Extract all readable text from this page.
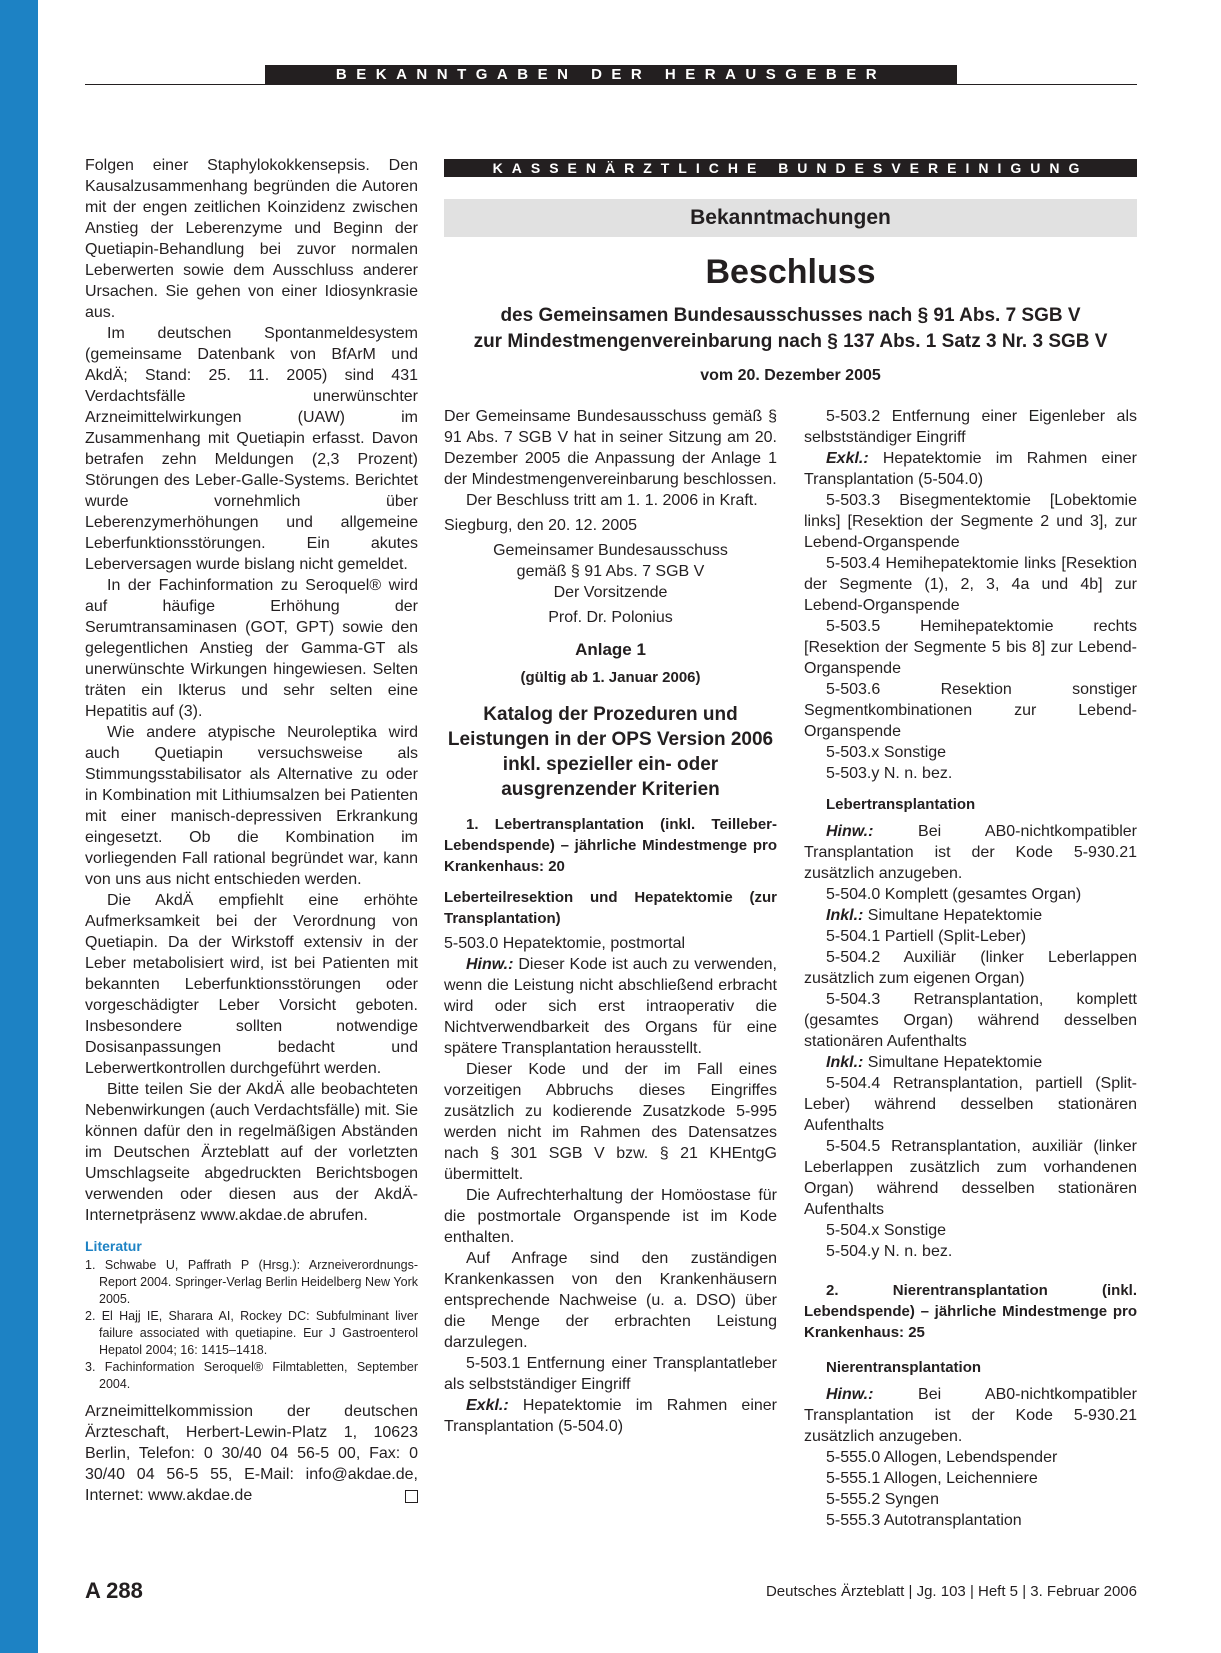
BEKANNTGABEN DER HERAUSGEBER

Folgen einer Staphylokokkensepsis. Den Kausalzusammenhang begründen die Autoren mit der engen zeitlichen Koinzidenz zwischen Anstieg der Leberenzyme und Beginn der Quetiapin-Behandlung bei zuvor normalen Leberwerten sowie dem Ausschluss anderer Ursachen. Sie gehen von einer Idiosynkrasie aus.

Im deutschen Spontanmeldesystem (gemeinsame Datenbank von BfArM und AkdÄ; Stand: 25. 11. 2005) sind 431 Verdachtsfälle unerwünschter Arzneimittelwirkungen (UAW) im Zusammenhang mit Quetiapin erfasst. Davon betrafen zehn Meldungen (2,3 Prozent) Störungen des Leber-Galle-Systems. Berichtet wurde vornehmlich über Leberenzymerhöhungen und allgemeine Leberfunktionsstörungen. Ein akutes Leberversagen wurde bislang nicht gemeldet.

In der Fachinformation zu Seroquel® wird auf häufige Erhöhung der Serumtransaminasen (GOT, GPT) sowie den gelegentlichen Anstieg der Gamma-GT als unerwünschte Wirkungen hingewiesen. Selten träten ein Ikterus und sehr selten eine Hepatitis auf (3).

Wie andere atypische Neuroleptika wird auch Quetiapin versuchsweise als Stimmungsstabilisator als Alternative zu oder in Kombination mit Lithiumsalzen bei Patienten mit einer manisch-depressiven Erkrankung eingesetzt. Ob die Kombination im vorliegenden Fall rational begründet war, kann von uns aus nicht entschieden werden.

Die AkdÄ empfiehlt eine erhöhte Aufmerksamkeit bei der Verordnung von Quetiapin. Da der Wirkstoff extensiv in der Leber metabolisiert wird, ist bei Patienten mit bekannten Leberfunktionsstörungen oder vorgeschädigter Leber Vorsicht geboten. Insbesondere sollten notwendige Dosisanpassungen bedacht und Leberwertkontrollen durchgeführt werden.

Bitte teilen Sie der AkdÄ alle beobachteten Nebenwirkungen (auch Verdachtsfälle) mit. Sie können dafür den in regelmäßigen Abständen im Deutschen Ärzteblatt auf der vorletzten Umschlagseite abgedruckten Berichtsbogen verwenden oder diesen aus der AkdÄ-Internetpräsenz www.akdae.de abrufen.

Literatur

1. Schwabe U, Paffrath P (Hrsg.): Arzneiverordnungs-Report 2004. Springer-Verlag Berlin Heidelberg New York 2005.

2. El Hajj IE, Sharara AI, Rockey DC: Subfulminant liver failure associated with quetiapine. Eur J Gastroenterol Hepatol 2004; 16: 1415–1418.

3. Fachinformation Seroquel® Filmtabletten, September 2004.

Arzneimittelkommission der deutschen Ärzteschaft, Herbert-Lewin-Platz 1, 10623 Berlin, Telefon: 0 30/40 04 56-5 00, Fax: 0 30/40 04 56-5 55, E-Mail: info@akdae.de, Internet: www.akdae.de

KASSENÄRZTLICHE BUNDESVEREINIGUNG
Bekanntmachungen
Beschluss
des Gemeinsamen Bundesausschusses nach § 91 Abs. 7 SGB V
zur Mindestmengenvereinbarung nach § 137 Abs. 1 Satz 3 Nr. 3 SGB V
vom 20. Dezember 2005

Der Gemeinsame Bundesausschuss gemäß § 91 Abs. 7 SGB V hat in seiner Sitzung am 20. Dezember 2005 die Anpassung der Anlage 1 der Mindestmengenvereinbarung beschlossen.

Der Beschluss tritt am 1. 1. 2006 in Kraft.

Siegburg, den 20. 12. 2005

Gemeinsamer Bundesausschuss

gemäß § 91 Abs. 7 SGB V

Der Vorsitzende

Prof. Dr. Polonius

Anlage 1

(gültig ab 1. Januar 2006)

Katalog der Prozeduren und Leistungen in der OPS Version 2006 inkl. spezieller ein- oder ausgrenzender Kriterien

1. Lebertransplantation (inkl. Teilleber-Lebendspende) – jährliche Mindestmenge pro Krankenhaus: 20

Leberteilresektion und Hepatektomie (zur Transplantation)

5-503.0 Hepatektomie, postmortal

Hinw.: Dieser Kode ist auch zu verwenden, wenn die Leistung nicht abschließend erbracht wird oder sich erst intraoperativ die Nichtverwendbarkeit des Organs für eine spätere Transplantation herausstellt.

Dieser Kode und der im Fall eines vorzeitigen Abbruchs dieses Eingriffes zusätzlich zu kodierende Zusatzkode 5-995 werden nicht im Rahmen des Datensatzes nach § 301 SGB V bzw. § 21 KHEntgG übermittelt.

Die Aufrechterhaltung der Homöostase für die postmortale Organspende ist im Kode enthalten.

Auf Anfrage sind den zuständigen Krankenkassen von den Krankenhäusern entsprechende Nachweise (u. a. DSO) über die Menge der erbrachten Leistung darzulegen.

5-503.1 Entfernung einer Transplantatleber als selbstständiger Eingriff

Exkl.: Hepatektomie im Rahmen einer Transplantation (5-504.0)

5-503.2 Entfernung einer Eigenleber als selbstständiger Eingriff

Exkl.: Hepatektomie im Rahmen einer Transplantation (5-504.0)

5-503.3 Bisegmentektomie [Lobektomie links] [Resektion der Segmente 2 und 3], zur Lebend-Organspende

5-503.4 Hemihepatektomie links [Resektion der Segmente (1), 2, 3, 4a und 4b] zur Lebend-Organspende

5-503.5 Hemihepatektomie rechts [Resektion der Segmente 5 bis 8] zur Lebend-Organspende

5-503.6 Resektion sonstiger Segmentkombinationen zur Lebend-Organspende

5-503.x Sonstige

5-503.y N. n. bez.

Lebertransplantation

Hinw.: Bei AB0-nichtkompatibler Transplantation ist der Kode 5-930.21 zusätzlich anzugeben.

5-504.0 Komplett (gesamtes Organ)

Inkl.: Simultane Hepatektomie

5-504.1 Partiell (Split-Leber)

5-504.2 Auxiliär (linker Leberlappen zusätzlich zum eigenen Organ)

5-504.3 Retransplantation, komplett (gesamtes Organ) während desselben stationären Aufenthalts

Inkl.: Simultane Hepatektomie

5-504.4 Retransplantation, partiell (Split-Leber) während desselben stationären Aufenthalts

5-504.5 Retransplantation, auxiliär (linker Leberlappen zusätzlich zum vorhandenen Organ) während desselben stationären Aufenthalts

5-504.x Sonstige

5-504.y N. n. bez.

2. Nierentransplantation (inkl. Lebendspende) – jährliche Mindestmenge pro Krankenhaus: 25

Nierentransplantation

Hinw.: Bei AB0-nichtkompatibler Transplantation ist der Kode 5-930.21 zusätzlich anzugeben.

5-555.0 Allogen, Lebendspender

5-555.1 Allogen, Leichenniere

5-555.2 Syngen

5-555.3 Autotransplantation

A 288	Deutsches Ärzteblatt | Jg. 103 | Heft 5 | 3. Februar 2006
